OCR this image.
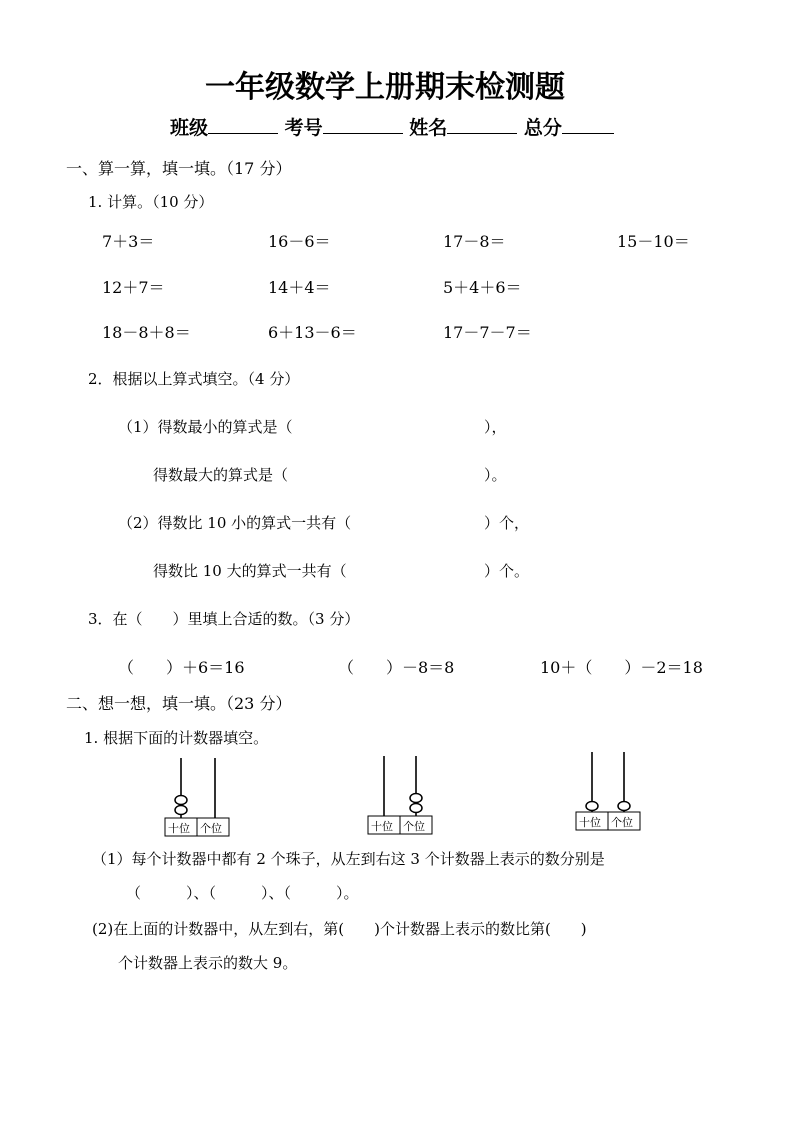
一年级数学上册期末检测题
班级	考号	姓名	总分
一、算一算，填一填。（17 分）
1. 计算。（10 分）
7＋3＝	16－6＝	17－8＝	15－10＝
12＋7＝	14＋4＝	5＋4＋6＝
18－8＋8＝	6＋13－6＝	17－7－7＝
2．根据以上算式填空。（4 分）
（1）得数最小的算式是（	），
得数最大的算式是（	）。
（2）得数比 10 小的算式一共有（	）个，
得数比 10 大的算式一共有（	）个。
3．在（　　）里填上合适的数。（3 分）
（　　）＋6＝16	（　　）－8＝8	10＋（　　）－2＝18
二、想一想，填一填。（23 分）
1. 根据下面的计数器填空。
十位 个位	十位 个位	十位 个位
（1）每个计数器中都有 2 个珠子，从左到右这 3 个计数器上表示的数分别是
（　　　）、（　　　）、（　　　）。
(2)在上面的计数器中，从左到右，第(　　)个计数器上表示的数比第(　　)
个计数器上表示的数大 9。
